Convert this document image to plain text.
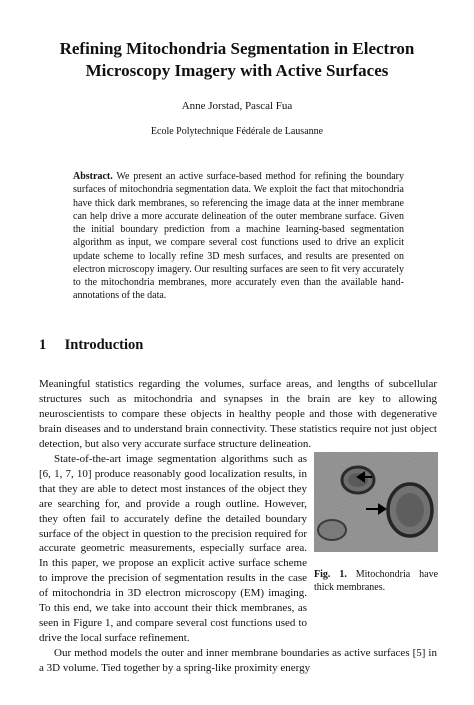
Refining Mitochondria Segmentation in Electron
Microscopy Imagery with Active Surfaces
Anne Jorstad, Pascal Fua
Ecole Polytechnique Fédérale de Lausanne
Abstract. We present an active surface-based method for refining the boundary surfaces of mitochondria segmentation data. We exploit the fact that mitochondria have thick dark membranes, so referencing the image data at the inner membrane can help drive a more accurate delineation of the outer membrane surface. Given the initial boundary prediction from a machine learning-based segmentation algorithm as input, we compare several cost functions used to drive an explicit update scheme to locally refine 3D mesh surfaces, and results are presented on electron microscopy imagery. Our resulting surfaces are seen to fit very accurately to the mitochondria membranes, more accurately even than the available hand-annotations of the data.
1 Introduction
Meaningful statistics regarding the volumes, surface areas, and lengths of subcellular structures such as mitochondria and synapses in the brain are key to allowing neuroscientists to compare these objects in healthy people and those with degenerative brain diseases and to understand brain connectivity. These statistics require not just object detection, but also very accurate surface structure delineation.
State-of-the-art image segmentation algorithms such as [6, 1, 7, 10] produce reasonably good localization results, in that they are able to detect most instances of the object they are searching for, and provide a rough outline. However, they often fail to accurately define the detailed boundary surface of the object in question to the precision required for accurate geometric measurements, especially surface area. In this paper, we propose an explicit active surface scheme to improve the precision of segmentation results in the case of mitochondria in 3D electron microscopy (EM) imaging. To this end, we take into account their thick membranes, as seen in Figure 1, and compare several cost functions used to drive the local surface refinement.
Fig. 1. Mitochondria have thick membranes.
Our method models the outer and inner membrane boundaries as active surfaces [5] in a 3D volume. Tied together by a spring-like proximity energy
